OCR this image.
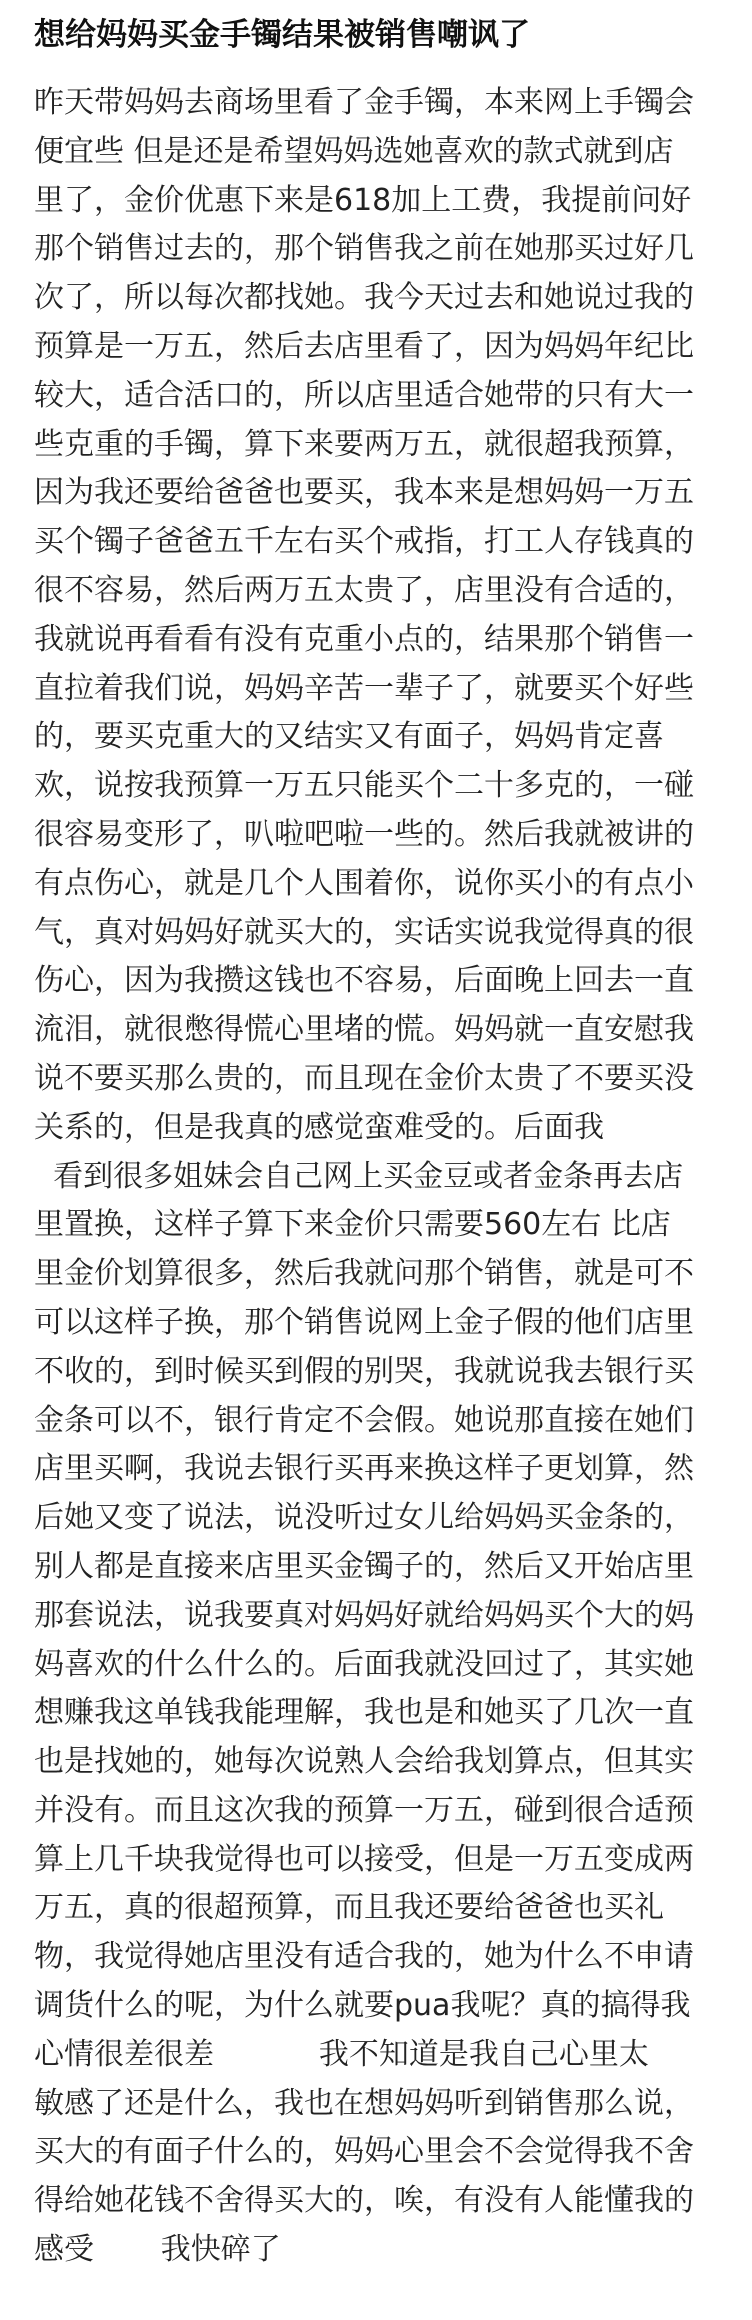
想给妈妈买金手镯结果被销售嘲讽了
昨天带妈妈去商场里看了金手镯，本来网上手镯会
便宜些 但是还是希望妈妈选她喜欢的款式就到店
里了，金价优惠下来是618加上工费，我提前问好
那个销售过去的，那个销售我之前在她那买过好几
次了，所以每次都找她。我今天过去和她说过我的
预算是一万五，然后去店里看了，因为妈妈年纪比
较大，适合活口的，所以店里适合她带的只有大一
些克重的手镯，算下来要两万五，就很超我预算，
因为我还要给爸爸也要买，我本来是想妈妈一万五
买个镯子爸爸五千左右买个戒指，打工人存钱真的
很不容易，然后两万五太贵了，店里没有合适的，
我就说再看看有没有克重小点的，结果那个销售一
直拉着我们说，妈妈辛苦一辈子了，就要买个好些
的，要买克重大的又结实又有面子，妈妈肯定喜
欢，说按我预算一万五只能买个二十多克的，一碰
很容易变形了，叭啦吧啦一些的。然后我就被讲的
有点伤心，就是几个人围着你，说你买小的有点小
气，真对妈妈好就买大的，实话实说我觉得真的很
伤心，因为我攒这钱也不容易，后面晚上回去一直
流泪，就很憋得慌心里堵的慌。妈妈就一直安慰我
说不要买那么贵的，而且现在金价太贵了不要买没
关系的，但是我真的感觉蛮难受的。后面我
看到很多姐妹会自己网上买金豆或者金条再去店
里置换，这样子算下来金价只需要560左右 比店
里金价划算很多，然后我就问那个销售，就是可不
可以这样子换，那个销售说网上金子假的他们店里
不收的，到时候买到假的别哭，我就说我去银行买
金条可以不，银行肯定不会假。她说那直接在她们
店里买啊，我说去银行买再来换这样子更划算，然
后她又变了说法，说没听过女儿给妈妈买金条的，
别人都是直接来店里买金镯子的，然后又开始店里
那套说法，说我要真对妈妈好就给妈妈买个大的妈
妈喜欢的什么什么的。后面我就没回过了，其实她
想赚我这单钱我能理解，我也是和她买了几次一直
也是找她的，她每次说熟人会给我划算点，但其实
并没有。而且这次我的预算一万五，碰到很合适预
算上几千块我觉得也可以接受，但是一万五变成两
万五，真的很超预算，而且我还要给爸爸也买礼
物，我觉得她店里没有适合我的，她为什么不申请
调货什么的呢，为什么就要pua我呢？真的搞得我
心情很差很差           我不知道是我自己心里太
敏感了还是什么，我也在想妈妈听到销售那么说，
买大的有面子什么的，妈妈心里会不会觉得我不舍
得给她花钱不舍得买大的，唉，有没有人能懂我的
感受       我快碎了
